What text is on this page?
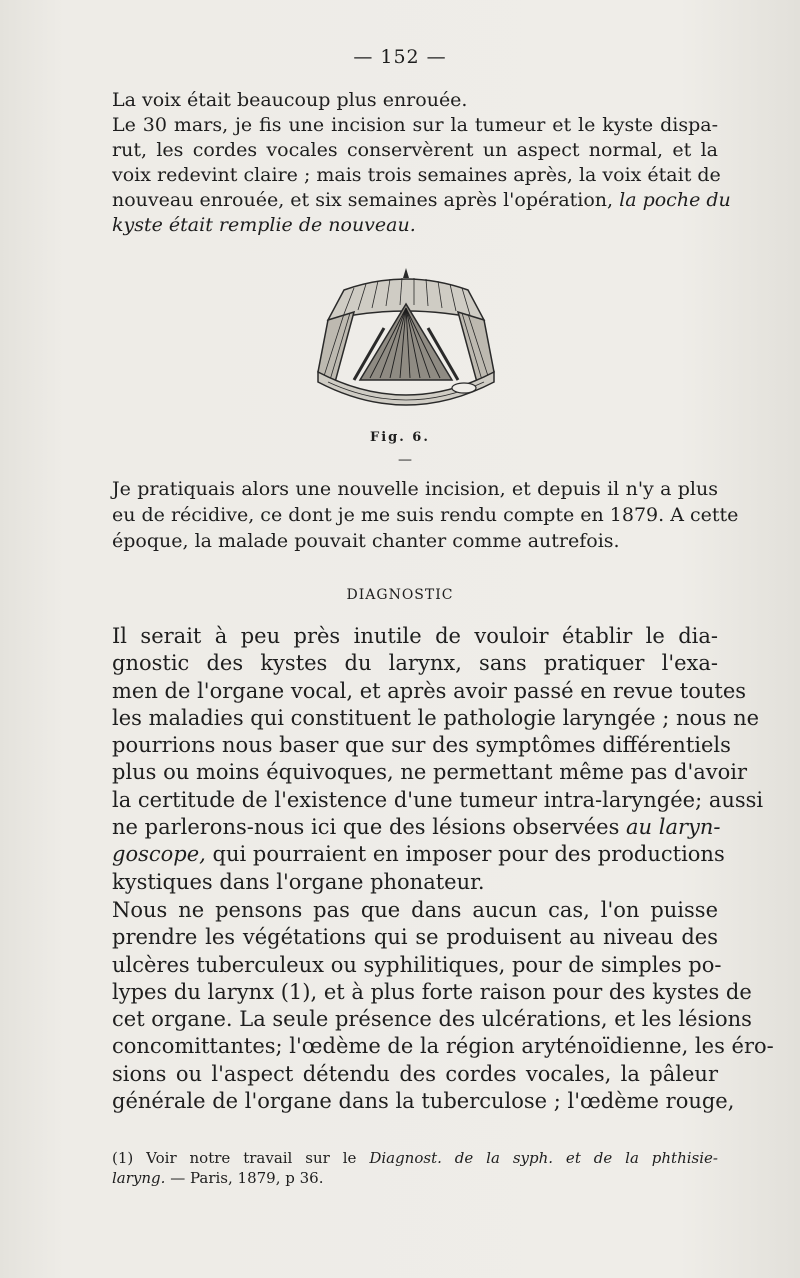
— 152 —
La voix était beaucoup plus enrouée.
Le 30 mars, je fis une incision sur la tumeur et le kyste dispa-
rut, les cordes vocales conservèrent un aspect normal, et la
voix redevint claire ; mais trois semaines après, la voix était de
nouveau enrouée, et six semaines après l'opération, la poche du
kyste était remplie de nouveau.
Fig. 6.
—
Je pratiquais alors une nouvelle incision, et depuis il n'y a plus
eu de récidive, ce dont je me suis rendu compte en 1879. A cette
époque, la malade pouvait chanter comme autrefois.
DIAGNOSTIC
Il serait à peu près inutile de vouloir établir le dia-
gnostic des kystes du larynx, sans pratiquer l'exa-
men de l'organe vocal, et après avoir passé en revue toutes
les maladies qui constituent le pathologie laryngée ; nous ne
pourrions nous baser que sur des symptômes différentiels
plus ou moins équivoques, ne permettant même pas d'avoir
la certitude de l'existence d'une tumeur intra-laryngée; aussi
ne parlerons-nous ici que des lésions observées au laryn-
goscope, qui pourraient en imposer pour des productions
kystiques dans l'organe phonateur.
Nous ne pensons pas que dans aucun cas, l'on puisse
prendre les végétations qui se produisent au niveau des
ulcères tuberculeux ou syphilitiques, pour de simples po-
lypes du larynx (1), et à plus forte raison pour des kystes de
cet organe. La seule présence des ulcérations, et les lésions
concomittantes; l'œdème de la région aryténoïdienne, les éro-
sions ou l'aspect détendu des cordes vocales, la pâleur
générale de l'organe dans la tuberculose ; l'œdème rouge,
(1) Voir notre travail sur le Diagnost. de la syph. et de la phthisie-
laryng. — Paris, 1879, p 36.
